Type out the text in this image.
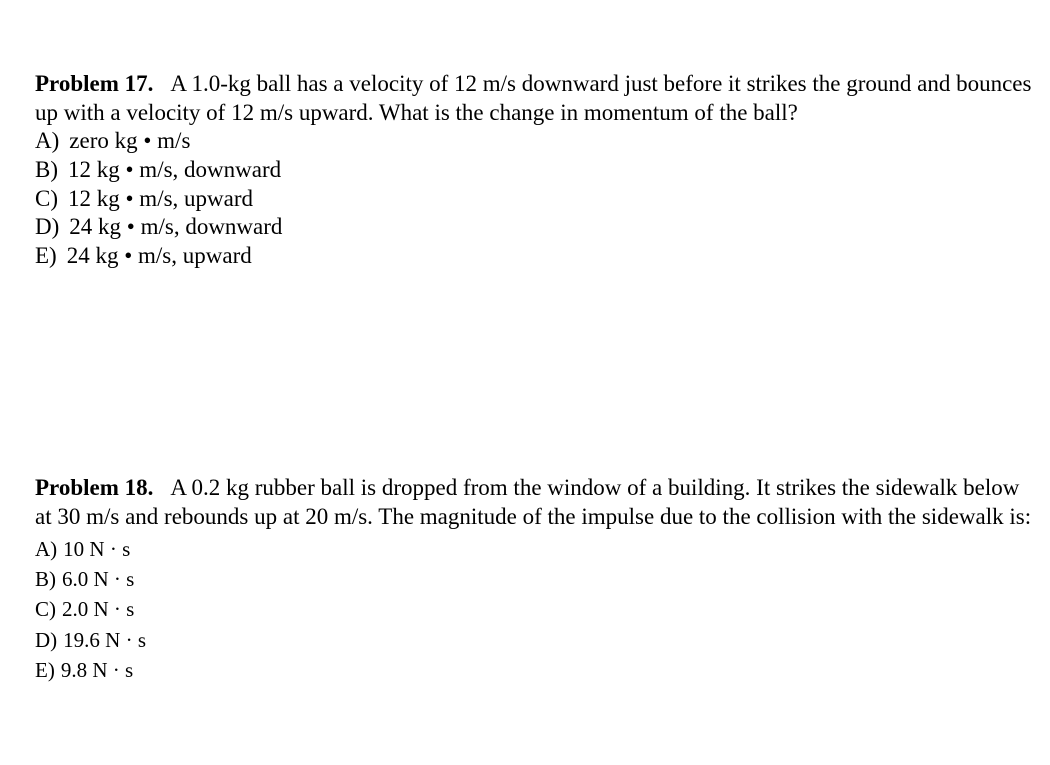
Problem 17. A 1.0-kg ball has a velocity of 12 m/s downward just before it strikes the ground and bounces up with a velocity of 12 m/s upward. What is the change in momentum of the ball?

A) zero kg • m/s
B) 12 kg • m/s, downward
C) 12 kg • m/s, upward
D) 24 kg • m/s, downward
E) 24 kg • m/s, upward

Problem 18. A 0.2 kg rubber ball is dropped from the window of a building. It strikes the sidewalk below at 30 m/s and rebounds up at 20 m/s. The magnitude of the impulse due to the collision with the sidewalk is:

A) 10 N · s
B) 6.0 N · s
C) 2.0 N · s
D) 19.6 N · s
E) 9.8 N · s
